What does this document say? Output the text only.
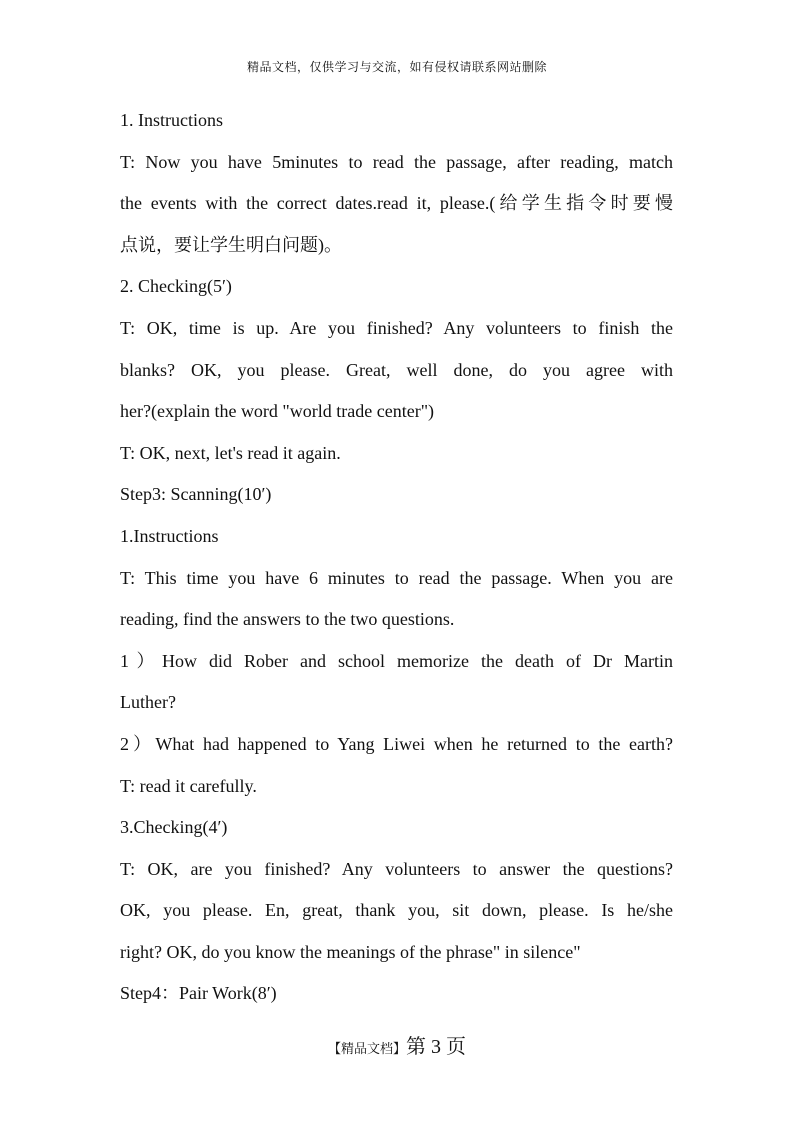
精品文档，仅供学习与交流，如有侵权请联系网站删除
1. Instructions
T: Now you have 5minutes to read the passage, after reading, match
the events with the correct dates.read it, please.(给学生指令时要慢
点说，要让学生明白问题)。
2. Checking(5′)
T: OK, time is up. Are you finished? Any volunteers to finish the
blanks? OK, you please. Great, well done, do you agree with
her?(explain the word "world trade center")
T: OK, next, let's read it again.
Step3: Scanning(10′)
1.Instructions
T: This time you have 6 minutes to read the passage. When you are
reading, find the answers to the two questions.
1）How did Rober and school memorize the death of Dr Martin
Luther?
2）What had happened to Yang Liwei when he returned to the earth?
T: read it carefully.
3.Checking(4′)
T: OK, are you finished? Any volunteers to answer the questions?
OK, you please. En, great, thank you, sit down, please. Is he/she
right? OK, do you know the meanings of the phrase" in silence"
Step4：Pair Work(8′)
【精品文档】第 3 页
